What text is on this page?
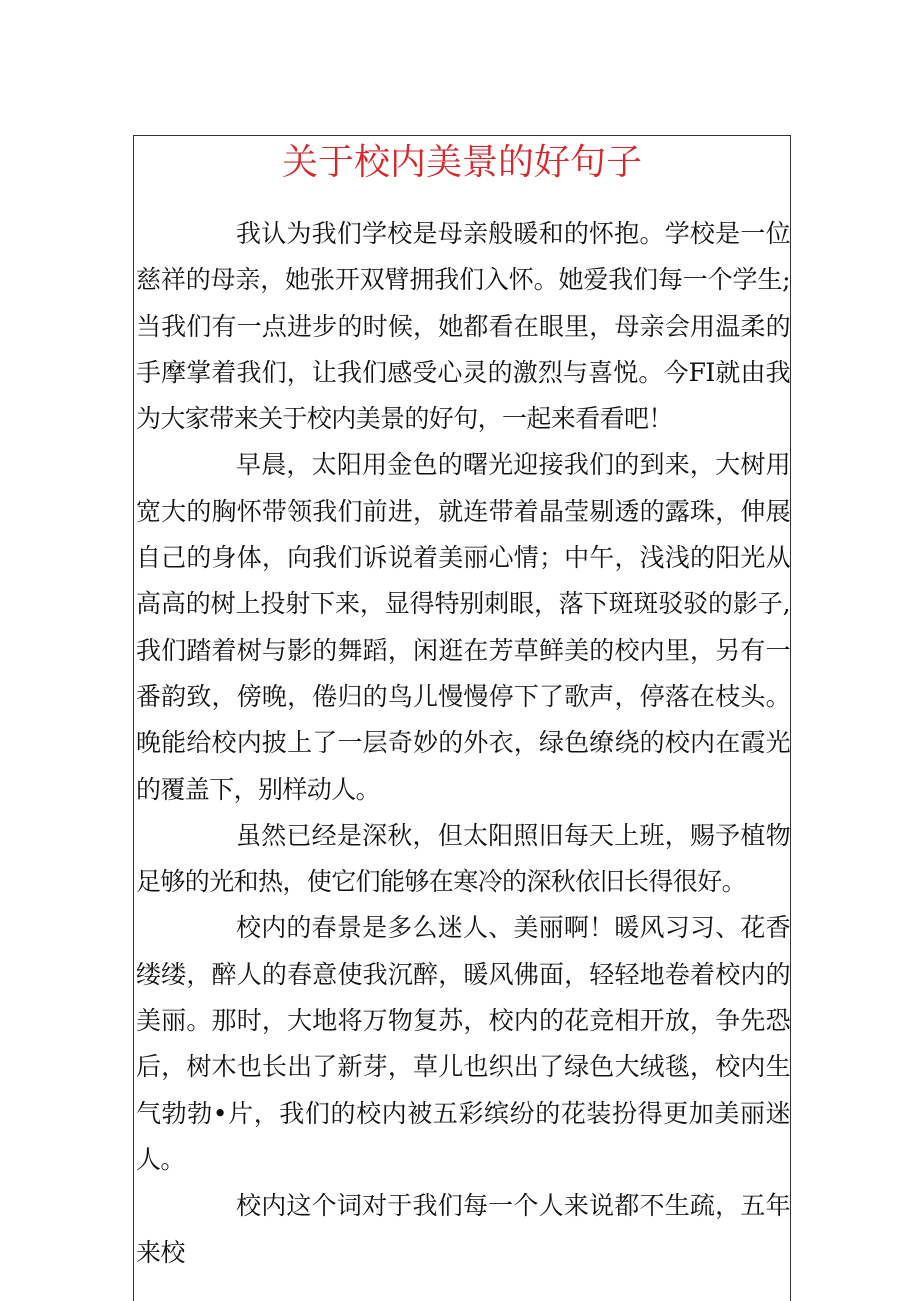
关于校内美景的好句子

我认为我们学校是母亲般暖和的怀抱。学校是一位慈祥的母亲，她张开双臂拥我们入怀。她爱我们每一个学生;当我们有一点进步的时候，她都看在眼里，母亲会用温柔的手摩掌着我们，让我们感受心灵的激烈与喜悦。今FI就由我为大家带来关于校内美景的好句，一起来看看吧！

早晨，太阳用金色的曙光迎接我们的到来，大树用宽大的胸怀带领我们前进，就连带着晶莹剔透的露珠，伸展自己的身体，向我们诉说着美丽心情；中午，浅浅的阳光从高高的树上投射下来，显得特别刺眼，落下斑斑驳驳的影子,我们踏着树与影的舞蹈，闲逛在芳草鲜美的校内里，另有一番韵致，傍晚，倦归的鸟儿慢慢停下了歌声，停落在枝头。晚能给校内披上了一层奇妙的外衣，绿色缭绕的校内在霞光的覆盖下，别样动人。

虽然已经是深秋，但太阳照旧每天上班，赐予植物足够的光和热，使它们能够在寒冷的深秋依旧长得很好。

校内的春景是多么迷人、美丽啊！暖风习习、花香缕缕，醉人的春意使我沉醉，暖风佛面，轻轻地卷着校内的美丽。那时，大地将万物复苏，校内的花竞相开放，争先恐后，树木也长出了新芽，草儿也织出了绿色大绒毯，校内生气勃勃•片，我们的校内被五彩缤纷的花装扮得更加美丽迷人。

校内这个词对于我们每一个人来说都不生疏，五年来校
